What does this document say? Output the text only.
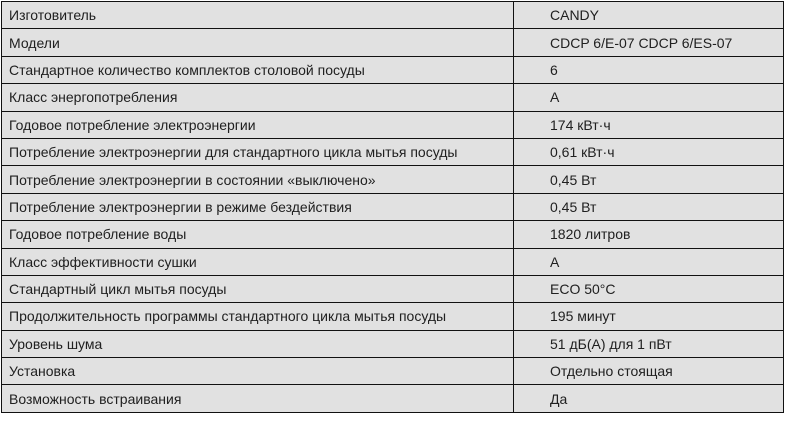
Изготовитель	CANDY
Модели	CDCP 6/E-07 CDCP 6/ES-07
Стандартное количество комплектов столовой посуды	6
Класс энергопотребления	A
Годовое потребление электроэнергии	174 кВт·ч
Потребление электроэнергии для стандартного цикла мытья посуды	0,61 кВт·ч
Потребление электроэнергии в состоянии «выключено»	0,45 Вт
Потребление электроэнергии в режиме бездействия	0,45 Вт
Годовое потребление воды	1820 литров
Класс эффективности сушки	A
Стандартный цикл мытья посуды	ECO 50°C
Продолжительность программы стандартного цикла мытья посуды	195 минут
Уровень шума	51 дБ(A) для 1 пВт
Установка	Отдельно стоящая
Возможность встраивания	Да
